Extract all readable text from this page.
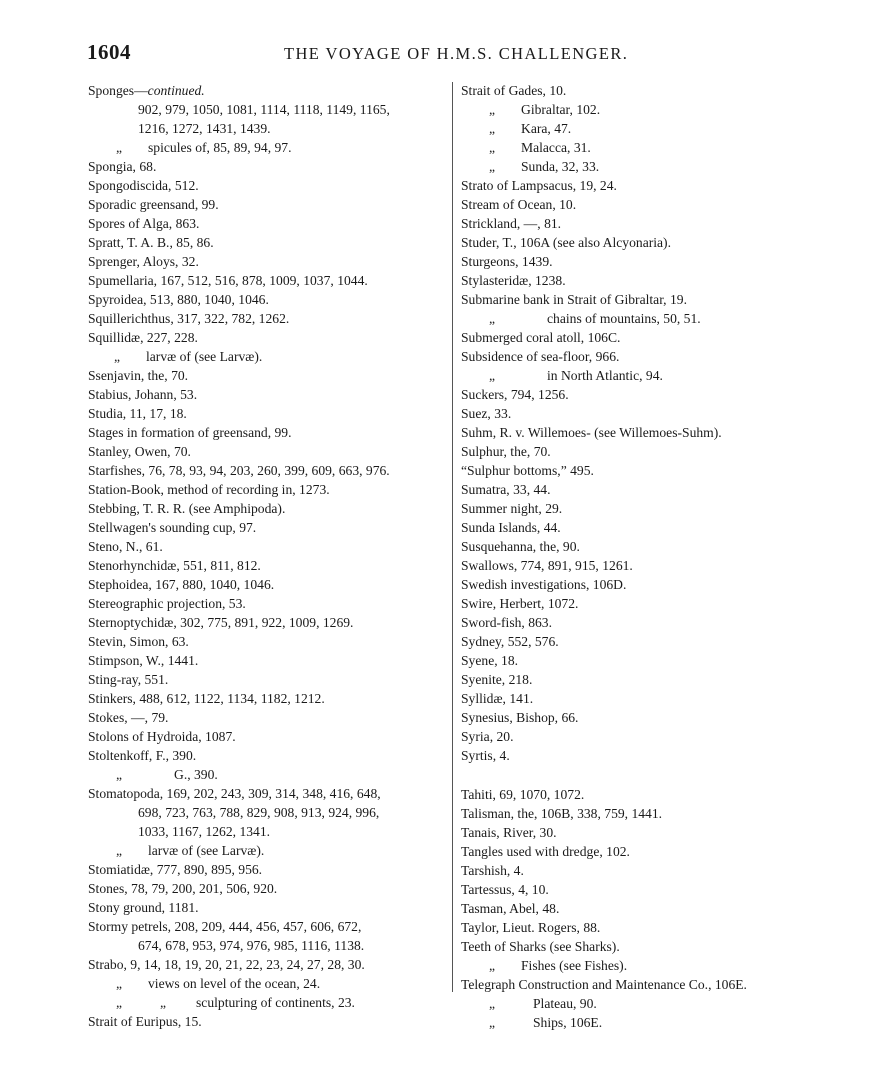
1604	THE VOYAGE OF H.M.S. CHALLENGER.
Sponges—continued.
902, 979, 1050, 1081, 1114, 1118, 1149, 1165,
1216, 1272, 1431, 1439.
„ spicules of, 85, 89, 94, 97.
Spongia, 68.
Spongodiscida, 512.
Sporadic greensand, 99.
Spores of Alga, 863.
Spratt, T. A. B., 85, 86.
Sprenger, Aloys, 32.
Spumellaria, 167, 512, 516, 878, 1009, 1037, 1044.
Spyroidea, 513, 880, 1040, 1046.
Squillerichthus, 317, 322, 782, 1262.
Squillidæ, 227, 228.
„ larvæ of (see Larvæ).
Ssenjavin, the, 70.
Stabius, Johann, 53.
Studia, 11, 17, 18.
Stages in formation of greensand, 99.
Stanley, Owen, 70.
Starfishes, 76, 78, 93, 94, 203, 260, 399, 609, 663, 976.
Station-Book, method of recording in, 1273.
Stebbing, T. R. R. (see Amphipoda).
Stellwagen's sounding cup, 97.
Steno, N., 61.
Stenorhynchidæ, 551, 811, 812.
Stephoidea, 167, 880, 1040, 1046.
Stereographic projection, 53.
Sternoptychidæ, 302, 775, 891, 922, 1009, 1269.
Stevin, Simon, 63.
Stimpson, W., 1441.
Sting-ray, 551.
Stinkers, 488, 612, 1122, 1134, 1182, 1212.
Stokes, —, 79.
Stolons of Hydroida, 1087.
Stoltenkoff, F., 390.
„	G., 390.
Stomatopoda, 169, 202, 243, 309, 314, 348, 416, 648,
698, 723, 763, 788, 829, 908, 913, 924, 996,
1033, 1167, 1262, 1341.
„ larvæ of (see Larvæ).
Stomiatidæ, 777, 890, 895, 956.
Stones, 78, 79, 200, 201, 506, 920.
Stony ground, 1181.
Stormy petrels, 208, 209, 444, 456, 457, 606, 672,
674, 678, 953, 974, 976, 985, 1116, 1138.
Strabo, 9, 14, 18, 19, 20, 21, 22, 23, 24, 27, 28, 30.
„ views on level of the ocean, 24.
„	„ sculpturing of continents, 23.
Strait of Euripus, 15.
Strait of Gades, 10.
„ Gibraltar, 102.
„ Kara, 47.
„ Malacca, 31.
„ Sunda, 32, 33.
Strato of Lampsacus, 19, 24.
Stream of Ocean, 10.
Strickland, —, 81.
Studer, T., 106A (see also Alcyonaria).
Sturgeons, 1439.
Stylasteridæ, 1238.
Submarine bank in Strait of Gibraltar, 19.
„	chains of mountains, 50, 51.
Submerged coral atoll, 106C.
Subsidence of sea-floor, 966.
„	in North Atlantic, 94.
Suckers, 794, 1256.
Suez, 33.
Suhm, R. v. Willemoes- (see Willemoes-Suhm).
Sulphur, the, 70.
“Sulphur bottoms,” 495.
Sumatra, 33, 44.
Summer night, 29.
Sunda Islands, 44.
Susquehanna, the, 90.
Swallows, 774, 891, 915, 1261.
Swedish investigations, 106D.
Swire, Herbert, 1072.
Sword-fish, 863.
Sydney, 552, 576.
Syene, 18.
Syenite, 218.
Syllidæ, 141.
Synesius, Bishop, 66.
Syria, 20.
Syrtis, 4.
Tahiti, 69, 1070, 1072.
Talisman, the, 106B, 338, 759, 1441.
Tanais, River, 30.
Tangles used with dredge, 102.
Tarshish, 4.
Tartessus, 4, 10.
Tasman, Abel, 48.
Taylor, Lieut. Rogers, 88.
Teeth of Sharks (see Sharks).
„ Fishes (see Fishes).
Telegraph Construction and Maintenance Co., 106E.
„	Plateau, 90.
„	Ships, 106E.
